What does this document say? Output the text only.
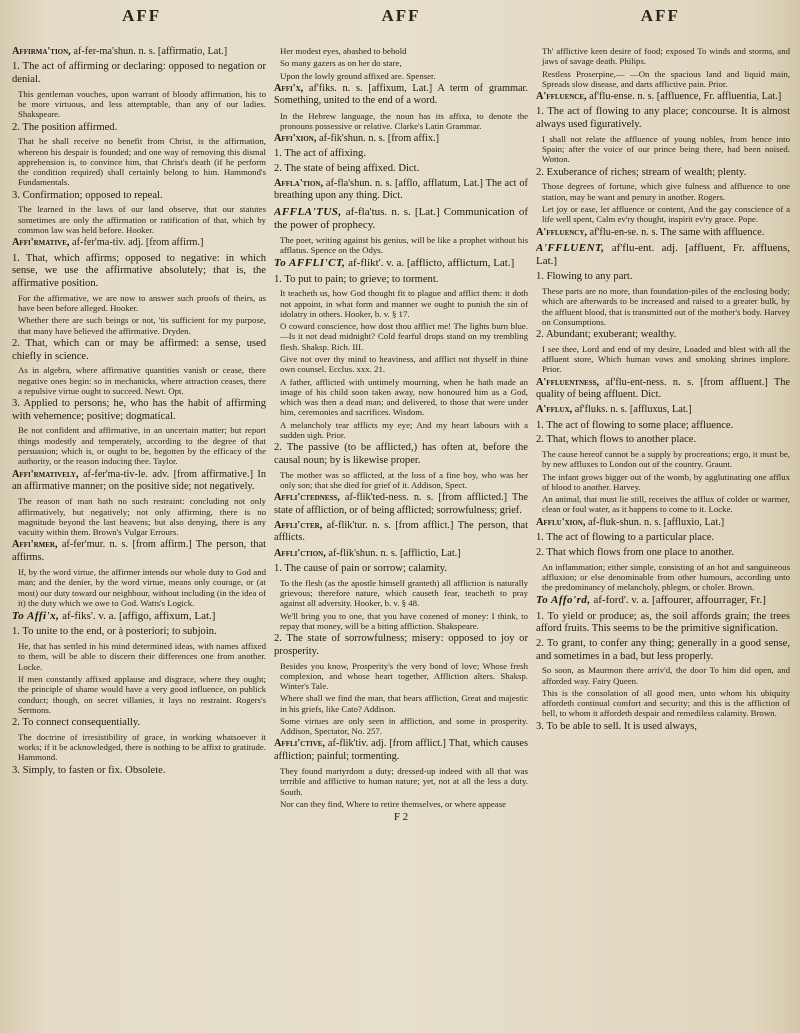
AFF	AFF	AFF

Affirma'tion, af-fer-ma'shun. n. s. [affirmatio, Lat.]

1. The act of affirming or declaring: opposed to negation or denial.

This gentleman vouches, upon warrant of bloody affirmation, his to be more virtuous, and less attemptable, than any of our ladies. Shakspeare.

2. The position affirmed.

That he shall receive no benefit from Christ, is the affirmation, whereon his despair is founded; and one way of removing this dismal apprehension is, to convince him, that Christ's death (if he perform the condition required) shall certainly belong to him. Hammond's Fundamentals.

3. Confirmation; opposed to repeal.

The learned in the laws of our land observe, that our statutes sometimes are only the affirmation or ratification of that, which by common law was held before. Hooker.

Affi'rmative, af-fer'ma-tiv. adj. [from affirm.]

1. That, which affirms; opposed to negative: in which sense, we use the affirmative absolutely; that is, the affirmative position.

For the affirmative, we are now to answer such proofs of theirs, as have been before alleged. Hooker.

Whether there are such beings or not, 'tis sufficient for my purpose, that many have believed the affirmative. Dryden.

2. That, which can or may be affirmed: a sense, used chiefly in science.

As in algebra, where affirmative quantities vanish or cease, there negative ones begin: so in mechanicks, where attraction ceases, there a repulsive virtue ought to succeed. Newt. Opt.

3. Applied to persons; he, who has the habit of affirming with vehemence; positive; dogmatical.

Be not confident and affirmative, in an uncertain matter; but report things modestly and temperately, according to the degree of that persuasion; which is, or ought to be, begotten by the efficacy of the authority, or the reason inducing thee. Taylor.

Affi'rmatively, af-fer'ma-tiv-le. adv. [from affirmative.] In an affirmative manner; on the positive side; not negatively.

The reason of man hath no such restraint: concluding not only affirmatively, but negatively; not only affirming, there is no magnitude beyond the last heavens; but also denying, there is any vacuity within them. Brown's Vulgar Errours.

Affi'rmer, af-fer'mur. n. s. [from affirm.] The person, that affirms.

If, by the word virtue, the affirmer intends our whole duty to God and man; and the denier, by the word virtue, means only courage, or (at most) our duty toward our neighbour, without including (in the idea of it) the duty which we owe to God. Watts's Logick.

To Affi'x, af-fiks'. v. a. [affigo, affixum, Lat.]

1. To unite to the end, or à posteriori; to subjoin.

He, that has settled in his mind determined ideas, with names affixed to them, will be able to discern their differences one from another. Locke.

If men constantly affixed applause and disgrace, where they ought; the principle of shame would have a very good influence, on publick conduct; though, on secret villanies, it lays no restraint. Rogers's Sermons.

2. To connect consequentially.

The doctrine of irresistibility of grace, in working whatsoever it works; if it be acknowledged, there is nothing to be affixt to gratitude. Hammond.

3. Simply, to fasten or fix. Obsolete.

Her modest eyes, abashed to behold

So many gazers as on her do stare,

Upon the lowly ground affixed are. Spenser.

Affi'x, af'fiks. n. s. [affixum, Lat.] A term of grammar. Something, united to the end of a word.

In the Hebrew language, the noun has its affixa, to denote the pronouns possessive or relative. Clarke's Latin Grammar.

Affi'xion, af-fik'shun. n. s. [from affix.]

1. The act of affixing.

2. The state of being affixed. Dict.

Affla'tion, af-fla'shun. n. s. [afflo, afflatum, Lat.] The act of breathing upon any thing. Dict.

AFFLA'TUS, af-fla'tus. n. s. [Lat.] Communication of the power of prophecy.

The poet, writing against his genius, will be like a prophet without his afflatus. Spence on the Odys.

To AFFLI'CT, af-flikt'. v. a. [afflicto, afflictum, Lat.]

1. To put to pain; to grieve; to torment.

It teacheth us, how God thought fit to plague and afflict them: it doth not appoint, in what form and manner we ought to punish the sin of idolatry in others. Hooker, b. v. § 17.

O coward conscience, how dost thou afflict me! The lights burn blue.—Is it not dead midnight? Cold fearful drops stand on my trembling flesh. Shaksp. Rich. III.

Give not over thy mind to heaviness, and afflict not thyself in thine own counsel. Ecclus. xxx. 21.

A father, afflicted with untimely mourning, when he hath made an image of his child soon taken away, now honoured him as a God, which was then a dead man; and delivered, to those that were under him, ceremonies and sacrifices. Wisdom.

A melancholy tear afflicts my eye; And my heart labours with a sudden sigh. Prior.

2. The passive (to be afflicted,) has often at, before the causal noun; by is likewise proper.

The mother was so afflicted, at the loss of a fine boy, who was her only son; that she died for grief of it. Addison, Spect.

Affli'ctedness, af-flik'ted-ness. n. s. [from afflicted.] The state of affliction, or of being afflicted; sorrowfulness; grief.

Affli'cter, af-flik'tur. n. s. [from afflict.] The person, that afflicts.

Affli'ction, af-flik'shun. n. s. [afflictio, Lat.]

1. The cause of pain or sorrow; calamity.

To the flesh (as the apostle himself granteth) all affliction is naturally grievous; therefore nature, which causeth fear, teacheth to pray against all adversity. Hooker, b. v. § 48.

We'll bring you to one, that you have cozened of money: I think, to repay that money, will be a biting affliction. Shakspeare.

2. The state of sorrowfulness; misery: opposed to joy or prosperity.

Besides you know, Prosperity's the very bond of love; Whose fresh complexion, and whose heart together, Affliction alters. Shaksp. Winter's Tale.

Where shall we find the man, that bears affliction, Great and majestic in his griefs, like Cato? Addison.

Some virtues are only seen in affliction, and some in prosperity. Addison, Spectator, No. 257.

Affli'ctive, af-flik'tiv. adj. [from afflict.] That, which causes affliction; painful; tormenting.

They found martyrdom a duty; dressed-up indeed with all that was terrible and afflictive to human nature; yet, not at all the less a duty. South.

Nor can they find, Where to retire themselves, or where appease

F 2

Th' afflictive keen desire of food; exposed To winds and storms, and jaws of savage death. Philips.

Restless Proserpine,— —On the spacious land and liquid main, Spreads slow disease, and darts afflictive pain. Prior.

A'ffluence, af'flu-ense. n. s. [affluence, Fr. affluentia, Lat.]

1. The act of flowing to any place; concourse. It is almost always used figuratively.

I shall not relate the affluence of young nobles, from hence into Spain; after the voice of our prince being there, had been noised. Wotton.

2. Exuberance of riches; stream of wealth; plenty.

Those degrees of fortune, which give fulness and affluence to one station, may be want and penury in another. Rogers.

Let joy or ease, let affluence or content, And the gay conscience of a life well spent, Calm ev'ry thought, inspirit ev'ry grace. Pope.

A'ffluency, af'flu-en-se. n. s. The same with affluence.

A'FFLUENT, af'flu-ent. adj. [affluent, Fr. affluens, Lat.]

1. Flowing to any part.

These parts are no more, than foundation-piles of the enclosing body; which are afterwards to be increased and raised to a greater bulk, by the affluent blood, that is transmitted out of the mother's body. Harvey on Consumptions.

2. Abundant; exuberant; wealthy.

I see thee, Lord and end of my desire, Loaded and blest with all the affluent store, Which human vows and smoking shrines implore. Prior.

A'ffluentness, af'flu-ent-ness. n. s. [from affluent.] The quality of being affluent. Dict.

A'fflux, af'fluks. n. s. [affluxus, Lat.]

1. The act of flowing to some place; affluence.

2. That, which flows to another place.

The cause hereof cannot be a supply by procreations; ergo, it must be, by new affluxes to London out of the country. Graunt.

The infant grows bigger out of the womb, by agglutinating one afflux of blood to another. Harvey.

An animal, that must lie still, receives the afflux of colder or warmer, clean or foul water, as it happens to come to it. Locke.

Afflu'xion, af-fluk-shun. n. s. [affluxio, Lat.]

1. The act of flowing to a particular place.

2. That which flows from one place to another.

An inflammation; either simple, consisting of an hot and sanguineous affluxion; or else denominable from other humours, according unto the predominancy of melancholy, phlegm, or choler. Brown.

To Affo'rd, af-ford'. v. a. [affourer, affourrager, Fr.]

1. To yield or produce; as, the soil affords grain; the trees afford fruits. This seems to be the primitive signification.

2. To grant, to confer any thing; generally in a good sense, and sometimes in a bad, but less properly.

So soon, as Maurmon there arriv'd, the door To him did open, and afforded way. Fairy Queen.

This is the consolation of all good men, unto whom his ubiquity affordeth continual comfort and security; and this is the affliction of hell, to whom it affordeth despair and remediless calamity. Brown.

3. To be able to sell. It is used always,
